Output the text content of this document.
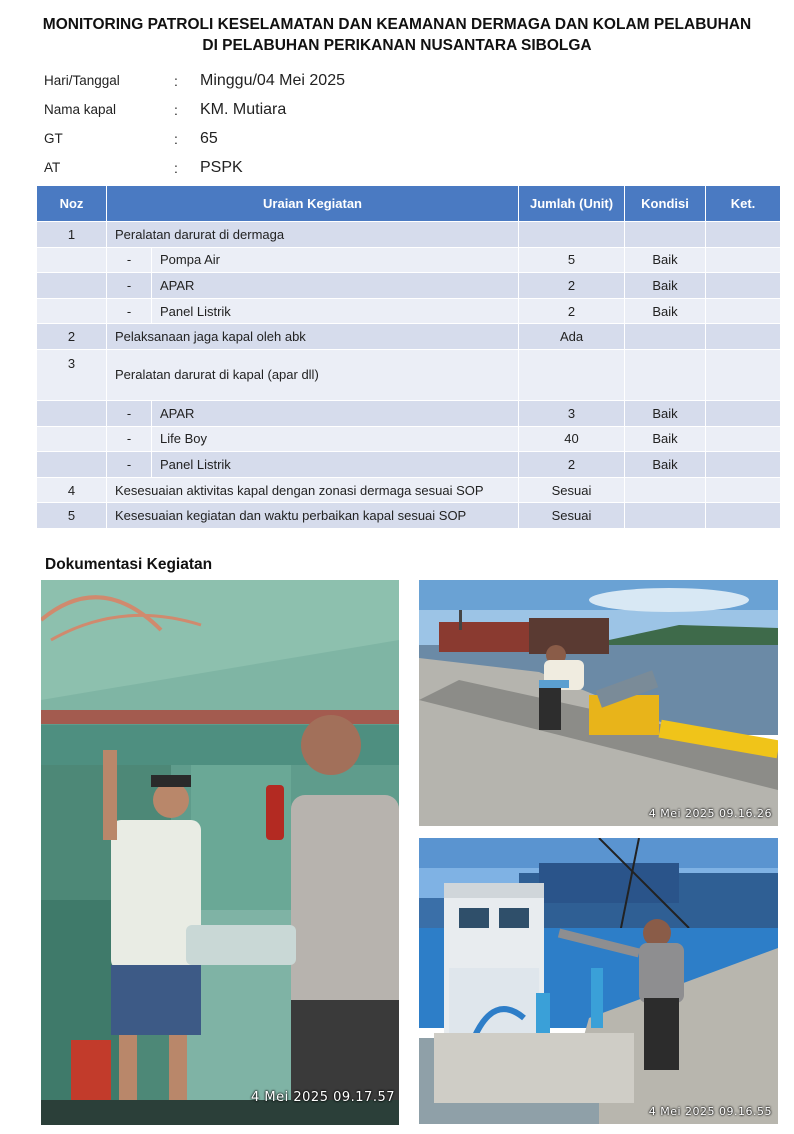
MONITORING PATROLI KESELAMATAN DAN KEAMANAN DERMAGA DAN KOLAM PELABUHAN
DI PELABUHAN PERIKANAN NUSANTARA SIBOLGA
Hari/Tanggal	:	Minggu/04 Mei 2025
Nama kapal	:	KM. Mutiara
GT	:	65
AT	:	PSPK
Noz	Uraian Kegiatan		Jumlah (Unit)	Kondisi	Ket.
1	Peralatan darurat di dermaga				
	-	Pompa Air	5	Baik	
	-	APAR	2	Baik	
	-	Panel Listrik	2	Baik	
2	Pelaksanaan jaga kapal oleh abk		Ada		
3	Peralatan darurat di kapal (apar dll)				
	-	APAR	3	Baik	
	-	Life Boy	40	Baik	
	-	Panel Listrik	2	Baik	
4	Kesesuaian aktivitas kapal dengan zonasi dermaga sesuai SOP		Sesuai		
5	Kesesuaian kegiatan dan waktu perbaikan kapal sesuai SOP		Sesuai		
Dokumentasi Kegiatan
4 Mei 2025 09.17.57
4 Mei 2025 09.16.26
4 Mei 2025 09.16.55
